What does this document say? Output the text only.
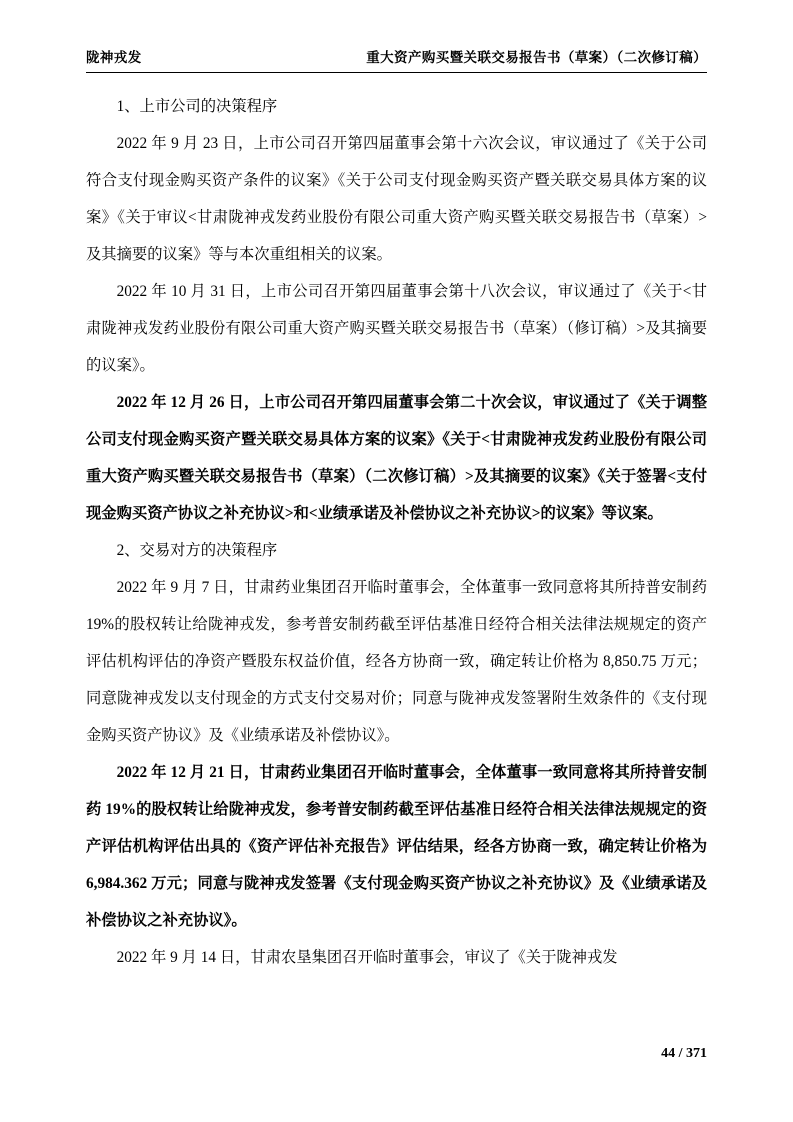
陇神戎发	重大资产购买暨关联交易报告书（草案）（二次修订稿）

1、上市公司的决策程序

2022 年 9 月 23 日，上市公司召开第四届董事会第十六次会议，审议通过了《关于公司符合支付现金购买资产条件的议案》《关于公司支付现金购买资产暨关联交易具体方案的议案》《关于审议<甘肃陇神戎发药业股份有限公司重大资产购买暨关联交易报告书（草案）>及其摘要的议案》等与本次重组相关的议案。

2022 年 10 月 31 日，上市公司召开第四届董事会第十八次会议，审议通过了《关于<甘肃陇神戎发药业股份有限公司重大资产购买暨关联交易报告书（草案）（修订稿）>及其摘要的议案》。

2022 年 12 月 26 日，上市公司召开第四届董事会第二十次会议，审议通过了《关于调整公司支付现金购买资产暨关联交易具体方案的议案》《关于<甘肃陇神戎发药业股份有限公司重大资产购买暨关联交易报告书（草案）（二次修订稿）>及其摘要的议案》《关于签署<支付现金购买资产协议之补充协议>和<业绩承诺及补偿协议之补充协议>的议案》等议案。

2、交易对方的决策程序

2022 年 9 月 7 日，甘肃药业集团召开临时董事会，全体董事一致同意将其所持普安制药 19%的股权转让给陇神戎发，参考普安制药截至评估基准日经符合相关法律法规规定的资产评估机构评估的净资产暨股东权益价值，经各方协商一致，确定转让价格为 8,850.75 万元；同意陇神戎发以支付现金的方式支付交易对价；同意与陇神戎发签署附生效条件的《支付现金购买资产协议》及《业绩承诺及补偿协议》。

2022 年 12 月 21 日，甘肃药业集团召开临时董事会，全体董事一致同意将其所持普安制药 19%的股权转让给陇神戎发，参考普安制药截至评估基准日经符合相关法律法规规定的资产评估机构评估出具的《资产评估补充报告》评估结果，经各方协商一致，确定转让价格为 6,984.362 万元；同意与陇神戎发签署《支付现金购买资产协议之补充协议》及《业绩承诺及补偿协议之补充协议》。

2022 年 9 月 14 日，甘肃农垦集团召开临时董事会，审议了《关于陇神戎发

44 / 371
